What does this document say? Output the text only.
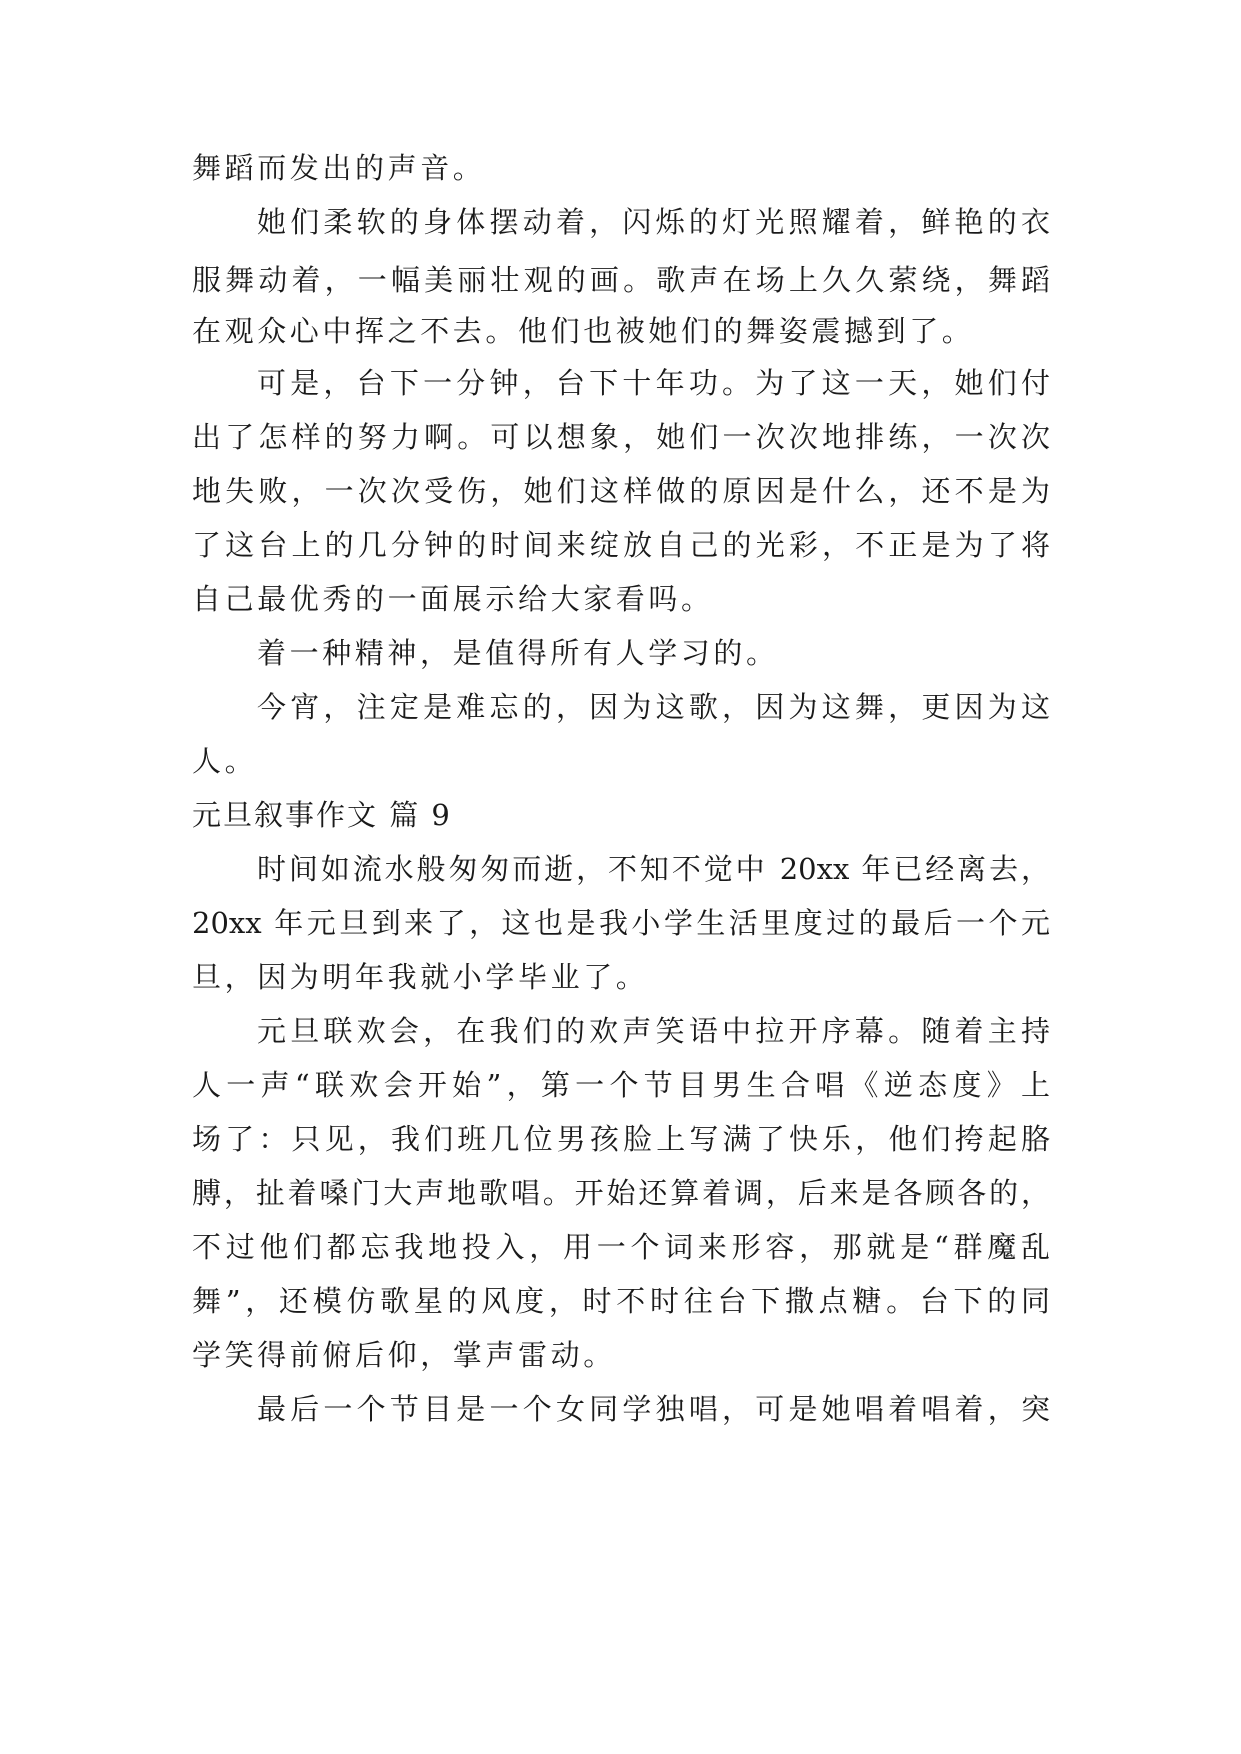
舞蹈而发出的声音。
她们柔软的身体摆动着，闪烁的灯光照耀着，鲜艳的衣
服舞动着，一幅美丽壮观的画。歌声在场上久久萦绕，舞蹈
在观众心中挥之不去。他们也被她们的舞姿震撼到了。
可是，台下一分钟，台下十年功。为了这一天，她们付
出了怎样的努力啊。可以想象，她们一次次地排练，一次次
地失败，一次次受伤，她们这样做的原因是什么，还不是为
了这台上的几分钟的时间来绽放自己的光彩，不正是为了将
自己最优秀的一面展示给大家看吗。
着一种精神，是值得所有人学习的。
今宵，注定是难忘的，因为这歌，因为这舞，更因为这
人。
元旦叙事作文 篇 9
时间如流水般匆匆而逝，不知不觉中 20xx 年已经离去，
20xx 年元旦到来了，这也是我小学生活里度过的最后一个元
旦，因为明年我就小学毕业了。
元旦联欢会，在我们的欢声笑语中拉开序幕。随着主持
人一声“联欢会开始”，第一个节目男生合唱《逆态度》上
场了：只见，我们班几位男孩脸上写满了快乐，他们挎起胳
膊，扯着嗓门大声地歌唱。开始还算着调，后来是各顾各的，
不过他们都忘我地投入，用一个词来形容，那就是“群魔乱
舞”，还模仿歌星的风度，时不时往台下撒点糖。台下的同
学笑得前俯后仰，掌声雷动。
最后一个节目是一个女同学独唱，可是她唱着唱着，突
